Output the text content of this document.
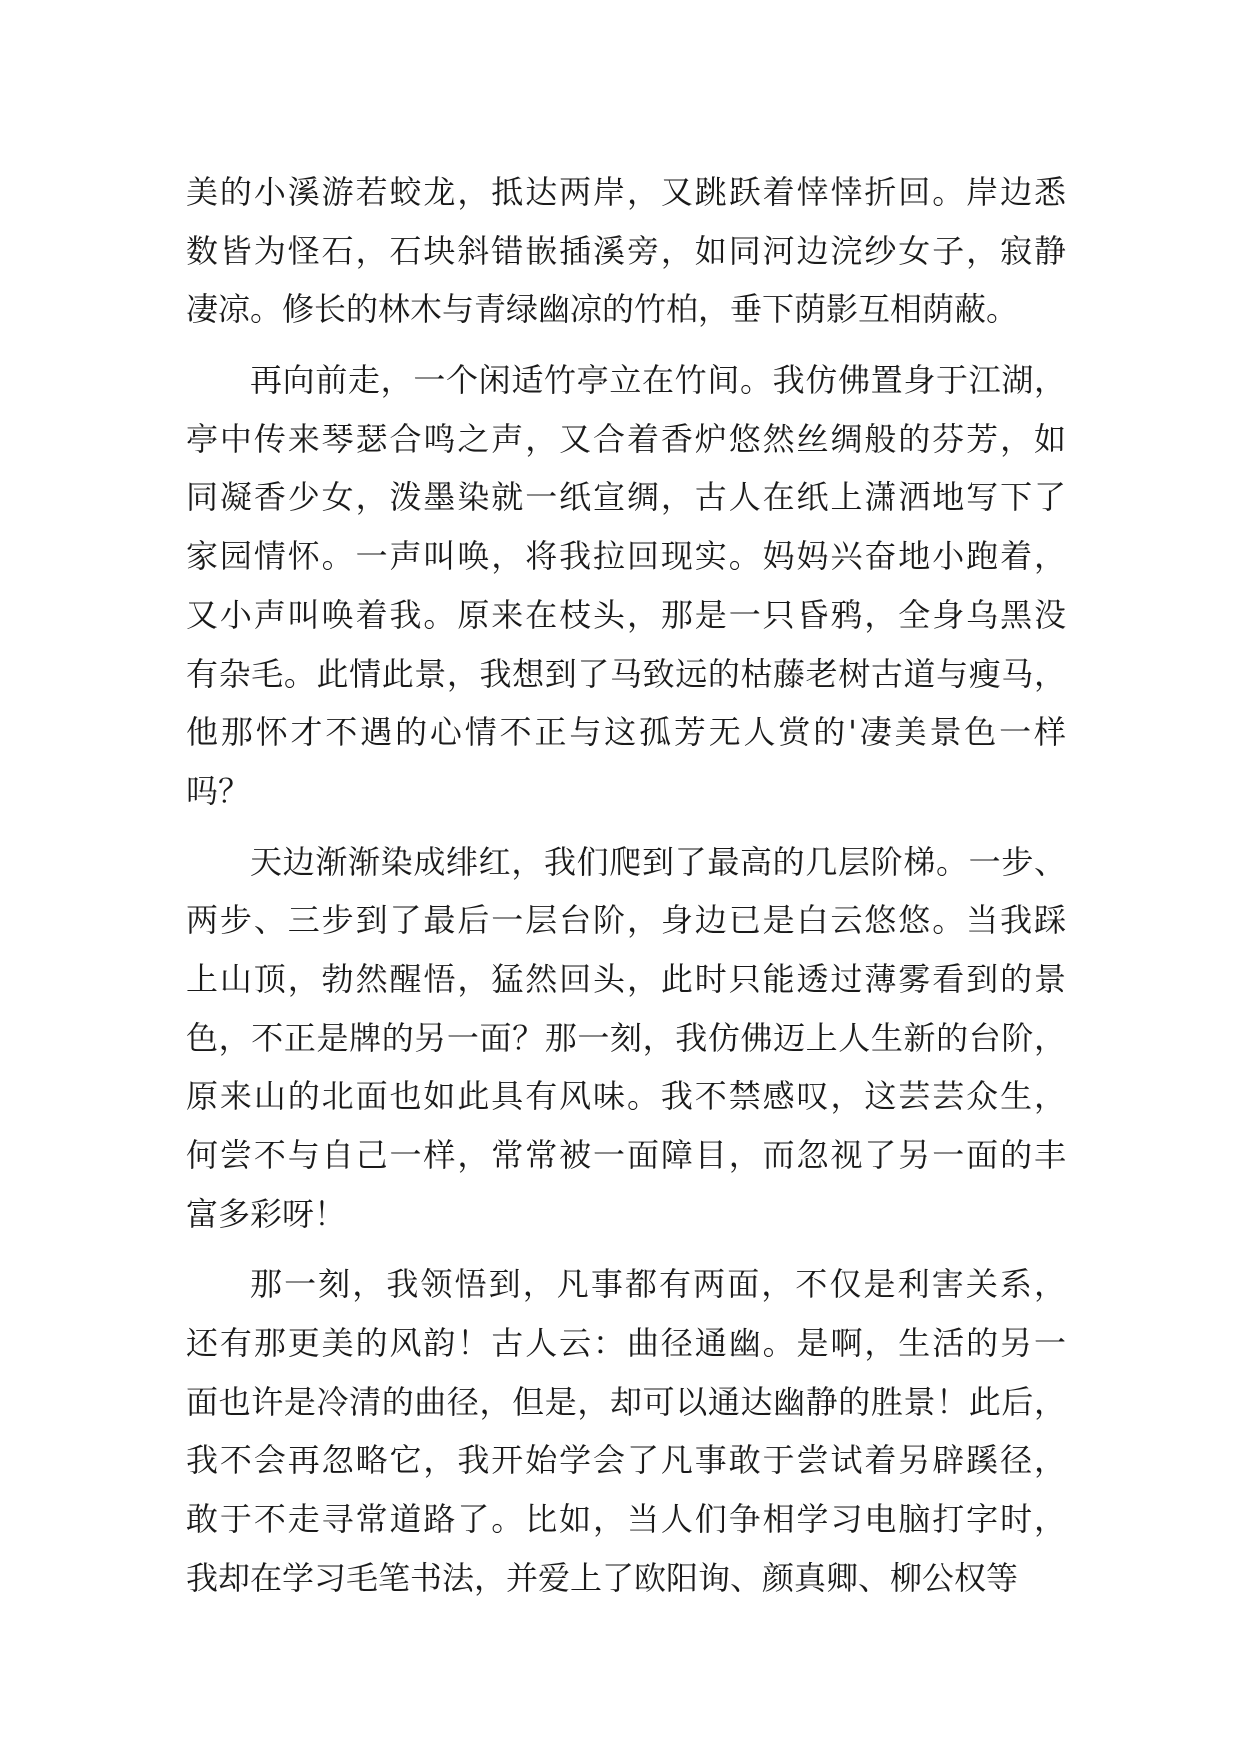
美的小溪游若蛟龙，抵达两岸，又跳跃着悻悻折回。岸边悉
数皆为怪石，石块斜错嵌插溪旁，如同河边浣纱女子，寂静
凄凉。修长的林木与青绿幽凉的竹柏，垂下荫影互相荫蔽。
再向前走，一个闲适竹亭立在竹间。我仿佛置身于江湖，
亭中传来琴瑟合鸣之声，又合着香炉悠然丝绸般的芬芳，如
同凝香少女，泼墨染就一纸宣绸，古人在纸上潇洒地写下了
家园情怀。一声叫唤，将我拉回现实。妈妈兴奋地小跑着，
又小声叫唤着我。原来在枝头，那是一只昏鸦，全身乌黑没
有杂毛。此情此景，我想到了马致远的枯藤老树古道与瘦马，
他那怀才不遇的心情不正与这孤芳无人赏的'凄美景色一样
吗？
天边渐渐染成绯红，我们爬到了最高的几层阶梯。一步、
两步、三步到了最后一层台阶，身边已是白云悠悠。当我踩
上山顶，勃然醒悟，猛然回头，此时只能透过薄雾看到的景
色，不正是牌的另一面？那一刻，我仿佛迈上人生新的台阶，
原来山的北面也如此具有风味。我不禁感叹，这芸芸众生，
何尝不与自己一样，常常被一面障目，而忽视了另一面的丰
富多彩呀！
那一刻，我领悟到，凡事都有两面，不仅是利害关系，
还有那更美的风韵！古人云：曲径通幽。是啊，生活的另一
面也许是冷清的曲径，但是，却可以通达幽静的胜景！此后，
我不会再忽略它，我开始学会了凡事敢于尝试着另辟蹊径，
敢于不走寻常道路了。比如，当人们争相学习电脑打字时，
我却在学习毛笔书法，并爱上了欧阳询、颜真卿、柳公权等
